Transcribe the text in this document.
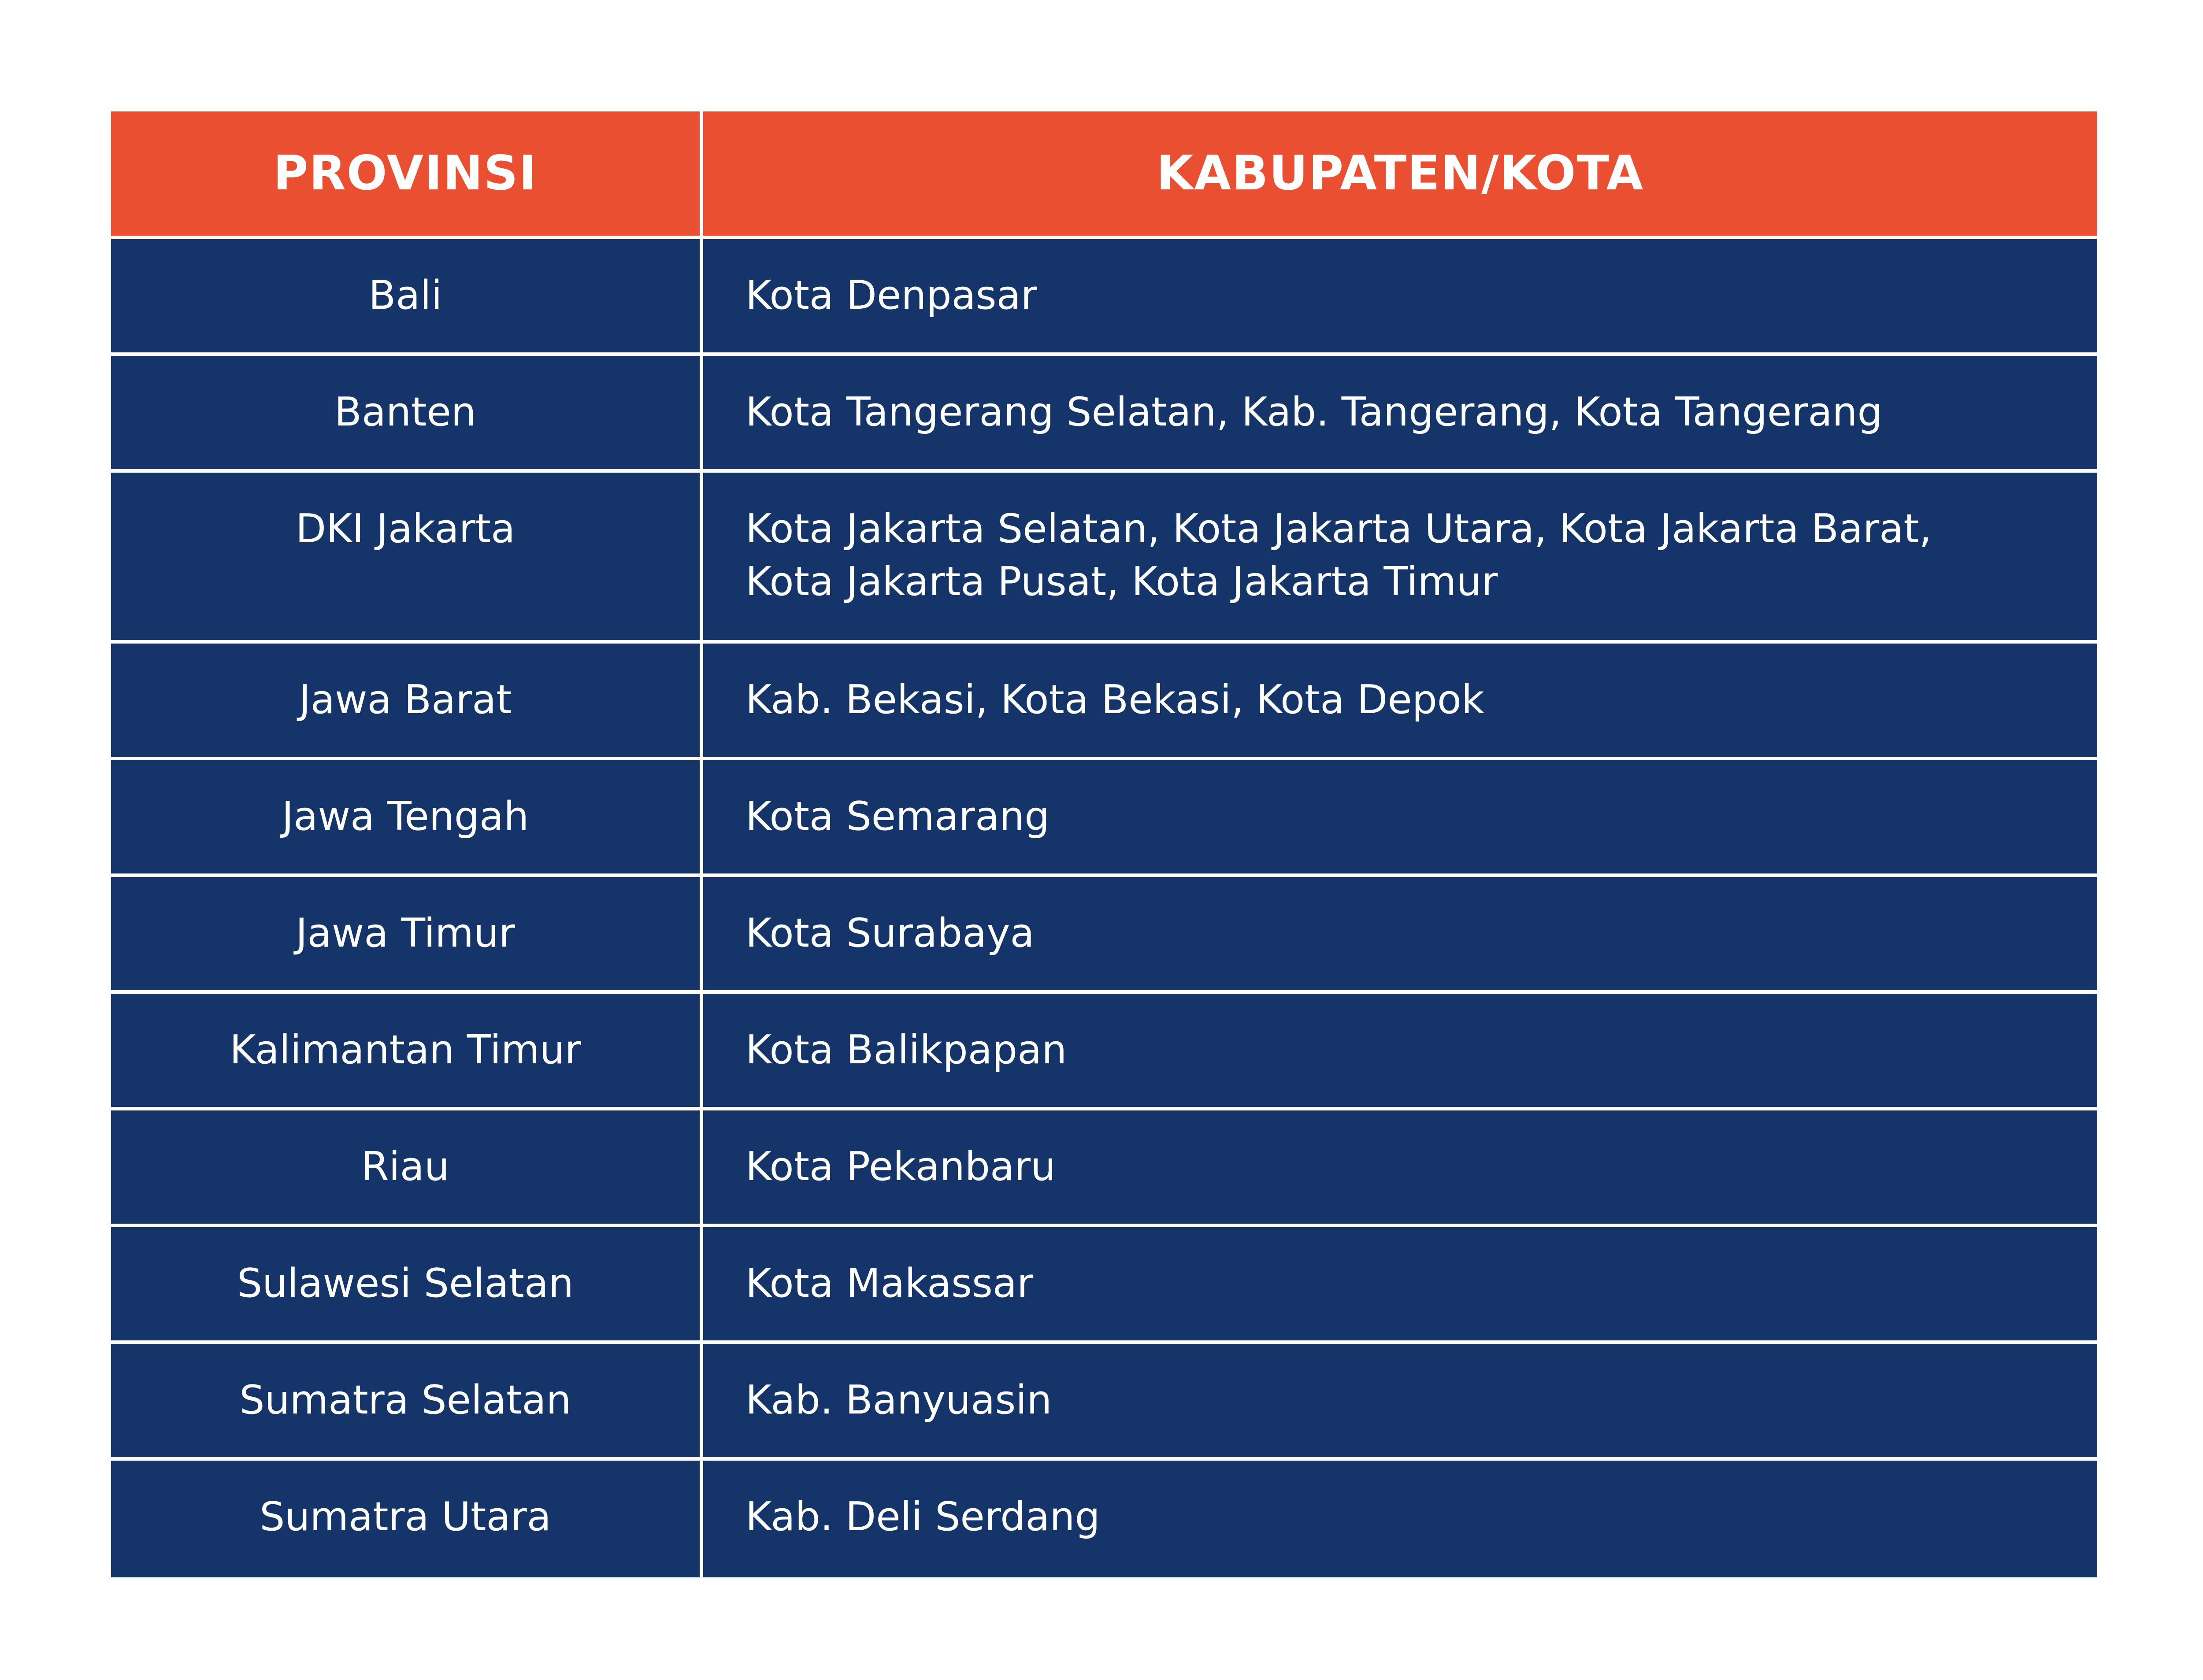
PROVINSI	KABUPATEN/KOTA
Bali	Kota Denpasar
Banten	Kota Tangerang Selatan, Kab. Tangerang, Kota Tangerang
DKI Jakarta	Kota Jakarta Selatan, Kota Jakarta Utara, Kota Jakarta Barat,
Kota Jakarta Pusat, Kota Jakarta Timur
Jawa Barat	Kab. Bekasi, Kota Bekasi, Kota Depok
Jawa Tengah	Kota Semarang
Jawa Timur	Kota Surabaya
Kalimantan Timur	Kota Balikpapan
Riau	Kota Pekanbaru
Sulawesi Selatan	Kota Makassar
Sumatra Selatan	Kab. Banyuasin
Sumatra Utara	Kab. Deli Serdang
